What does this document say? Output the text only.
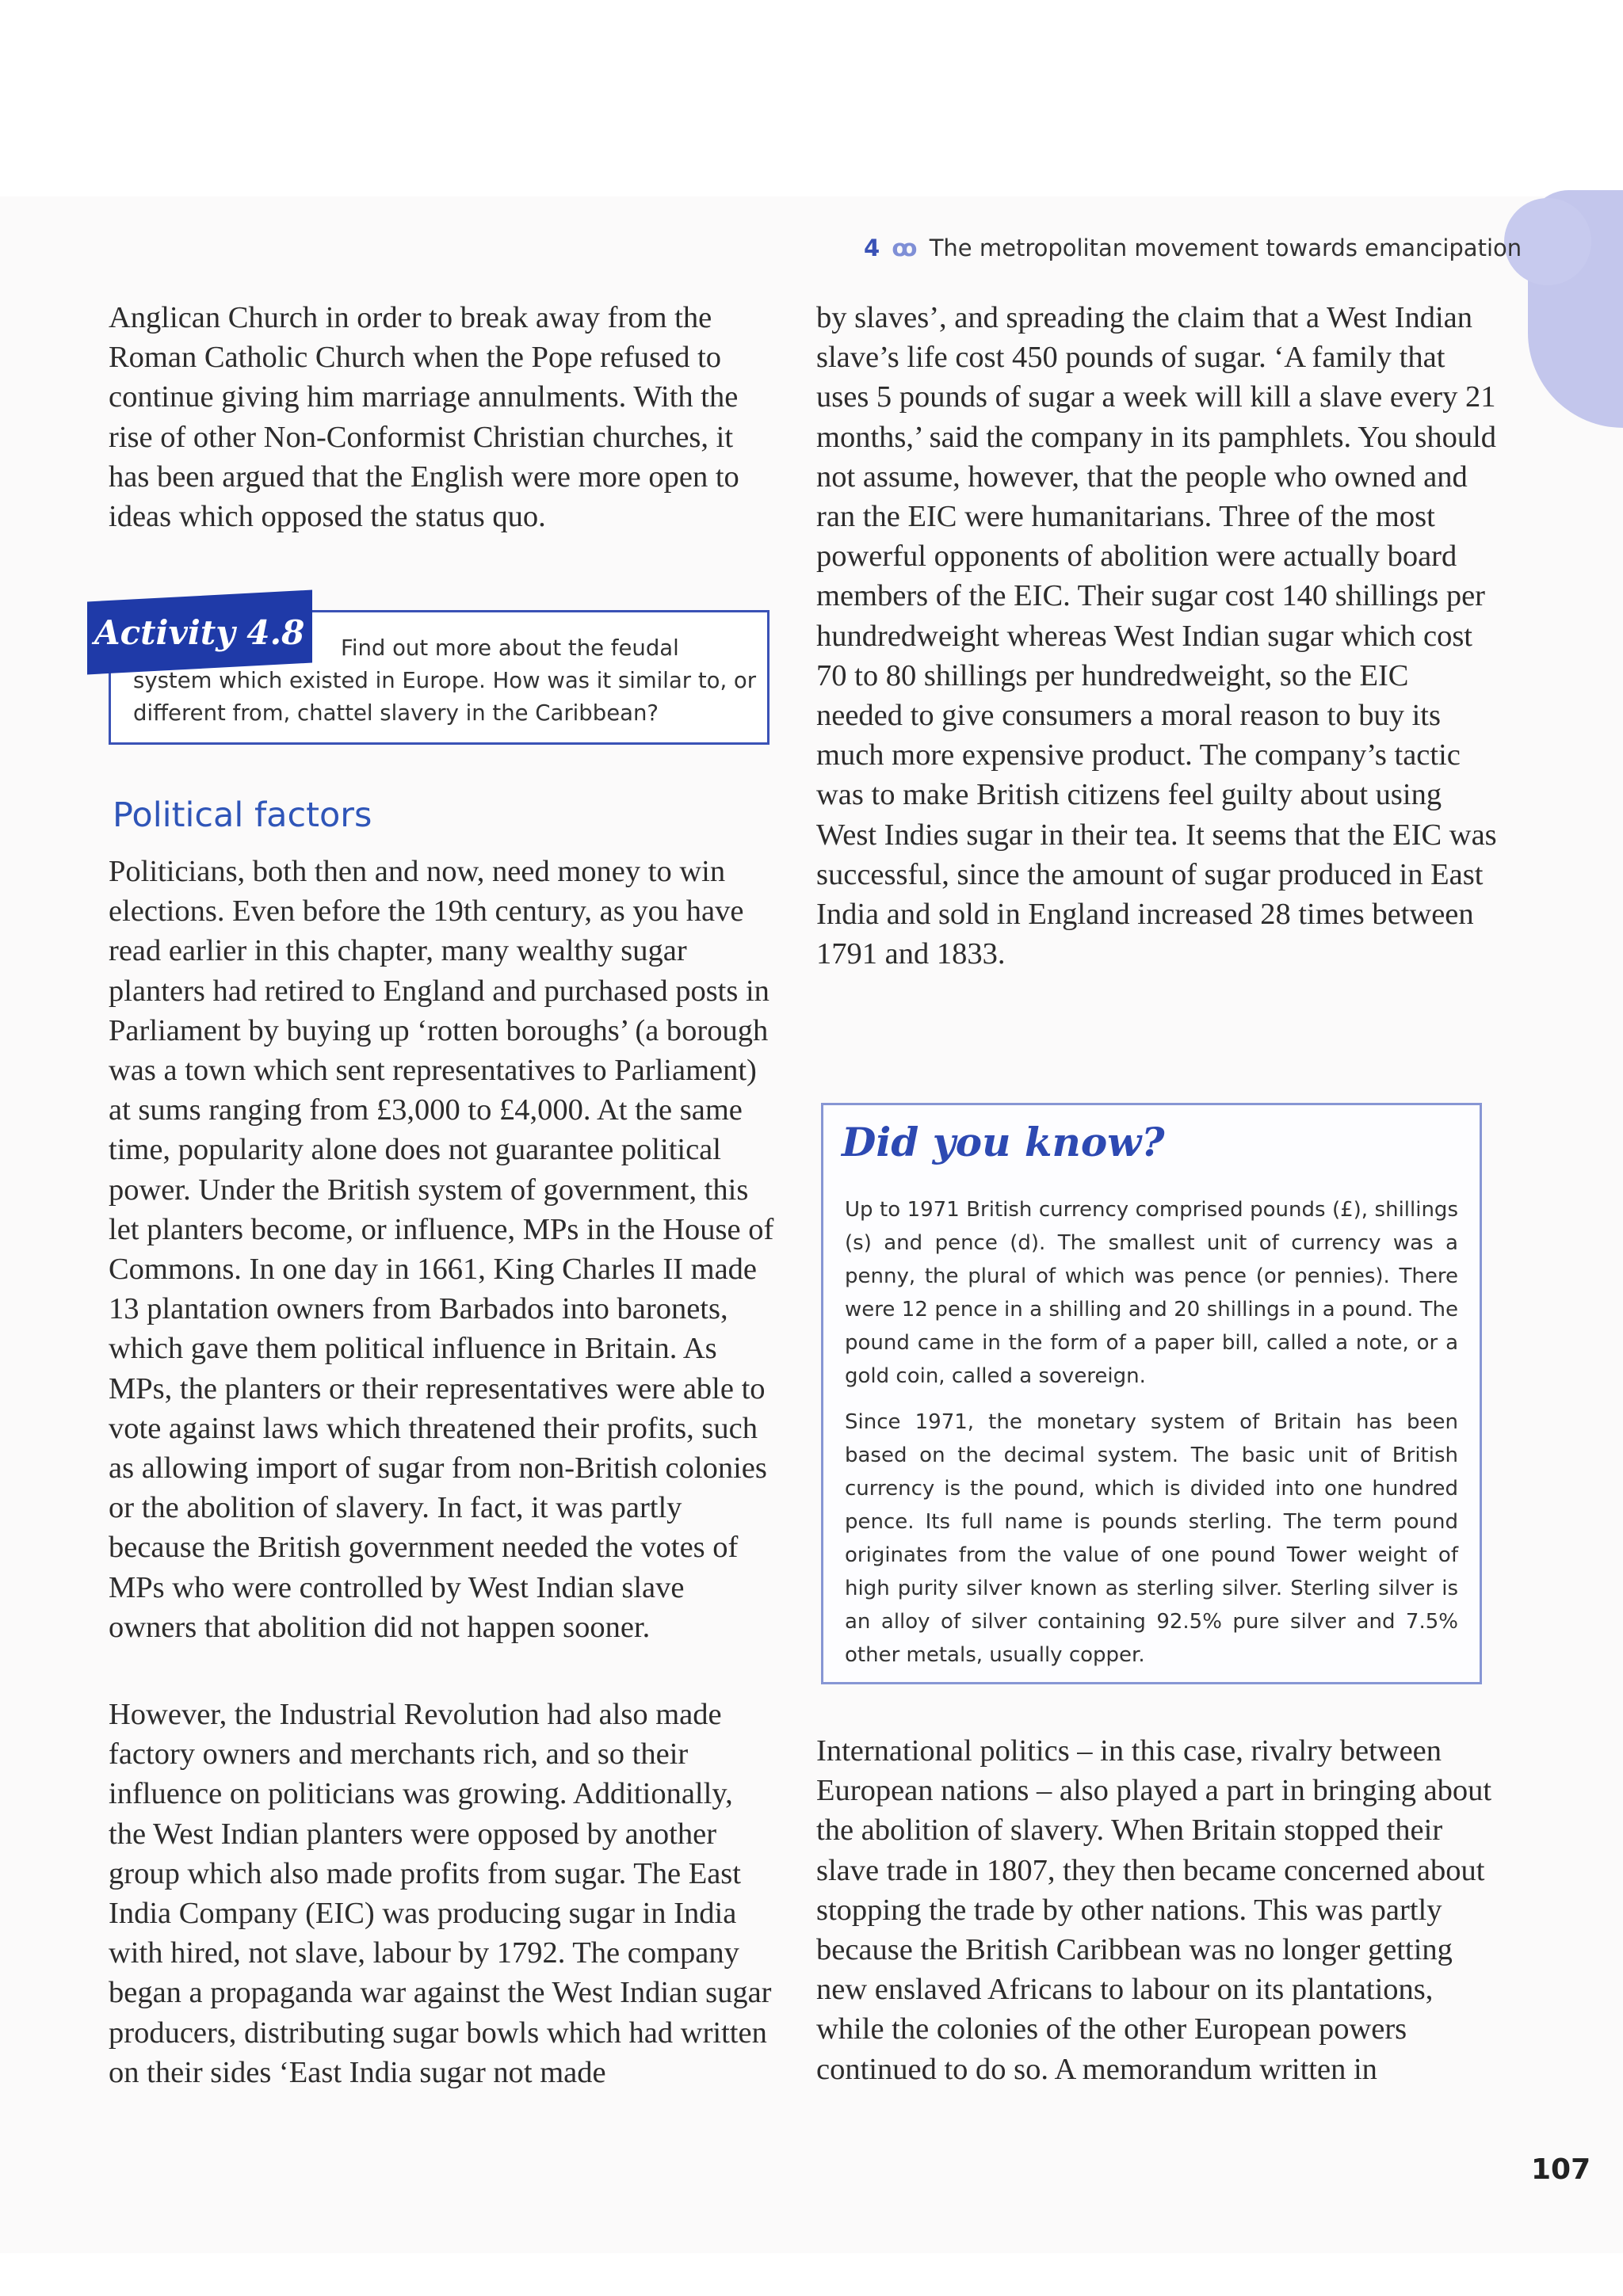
4 ꝏ The metropolitan movement towards emancipation

Anglican Church in order to break away from the Roman Catholic Church when the Pope refused to continue giving him marriage annulments. With the rise of other Non-Conformist Christian churches, it has been argued that the English were more open to ideas which opposed the status quo.

Activity 4.8	Find out more about the feudal
system which existed in Europe. How was it similar to, or different from, chattel slavery in the Caribbean?
Political factors

Politicians, both then and now, need money to win elections. Even before the 19th century, as you have read earlier in this chapter, many wealthy sugar planters had retired to England and purchased posts in Parliament by buying up ‘rotten boroughs’ (a borough was a town which sent representatives to Parliament) at sums ranging from £3,000 to £4,000. At the same time, popularity alone does not guarantee political power. Under the British system of government, this let planters become, or influence, MPs in the House of Commons. In one day in 1661, King Charles II made 13 plantation owners from Barbados into baronets, which gave them political influence in Britain. As MPs, the planters or their representatives were able to vote against laws which threatened their profits, such as allowing import of sugar from non-British colonies or the abolition of slavery. In fact, it was partly because the British government needed the votes of MPs who were controlled by West Indian slave owners that abolition did not happen sooner.

However, the Industrial Revolution had also made factory owners and merchants rich, and so their influence on politicians was growing. Additionally, the West Indian planters were opposed by another group which also made profits from sugar. The East India Company (EIC) was producing sugar in India with hired, not slave, labour by 1792. The company began a propaganda war against the West Indian sugar producers, distributing sugar bowls which had written on their sides ‘East India sugar not made

by slaves’, and spreading the claim that a West Indian slave’s life cost 450 pounds of sugar. ‘A family that uses 5 pounds of sugar a week will kill a slave every 21 months,’ said the company in its pamphlets. You should not assume, however, that the people who owned and ran the EIC were humanitarians. Three of the most powerful opponents of abolition were actually board members of the EIC. Their sugar cost 140 shillings per hundredweight whereas West Indian sugar which cost 70 to 80 shillings per hundredweight, so the EIC needed to give consumers a moral reason to buy its much more expensive product. The company’s tactic was to make British citizens feel guilty about using West Indies sugar in their tea. It seems that the EIC was successful, since the amount of sugar produced in East India and sold in England increased 28 times between 1791 and 1833.

Did you know?

Up to 1971 British currency comprised pounds (£), shillings (s) and pence (d). The smallest unit of currency was a penny, the plural of which was pence (or pennies). There were 12 pence in a shilling and 20 shillings in a pound. The pound came in the form of a paper bill, called a note, or a gold coin, called a sovereign.

Since 1971, the monetary system of Britain has been based on the decimal system. The basic unit of British currency is the pound, which is divided into one hundred pence. Its full name is pounds sterling. The term pound originates from the value of one pound Tower weight of high purity silver known as sterling silver. Sterling silver is an alloy of silver containing 92.5% pure silver and 7.5% other metals, usually copper.

International politics – in this case, rivalry between European nations – also played a part in bringing about the abolition of slavery. When Britain stopped their slave trade in 1807, they then became concerned about stopping the trade by other nations. This was partly because the British Caribbean was no longer getting new enslaved Africans to labour on its plantations, while the colonies of the other European powers continued to do so. A memorandum written in

107
